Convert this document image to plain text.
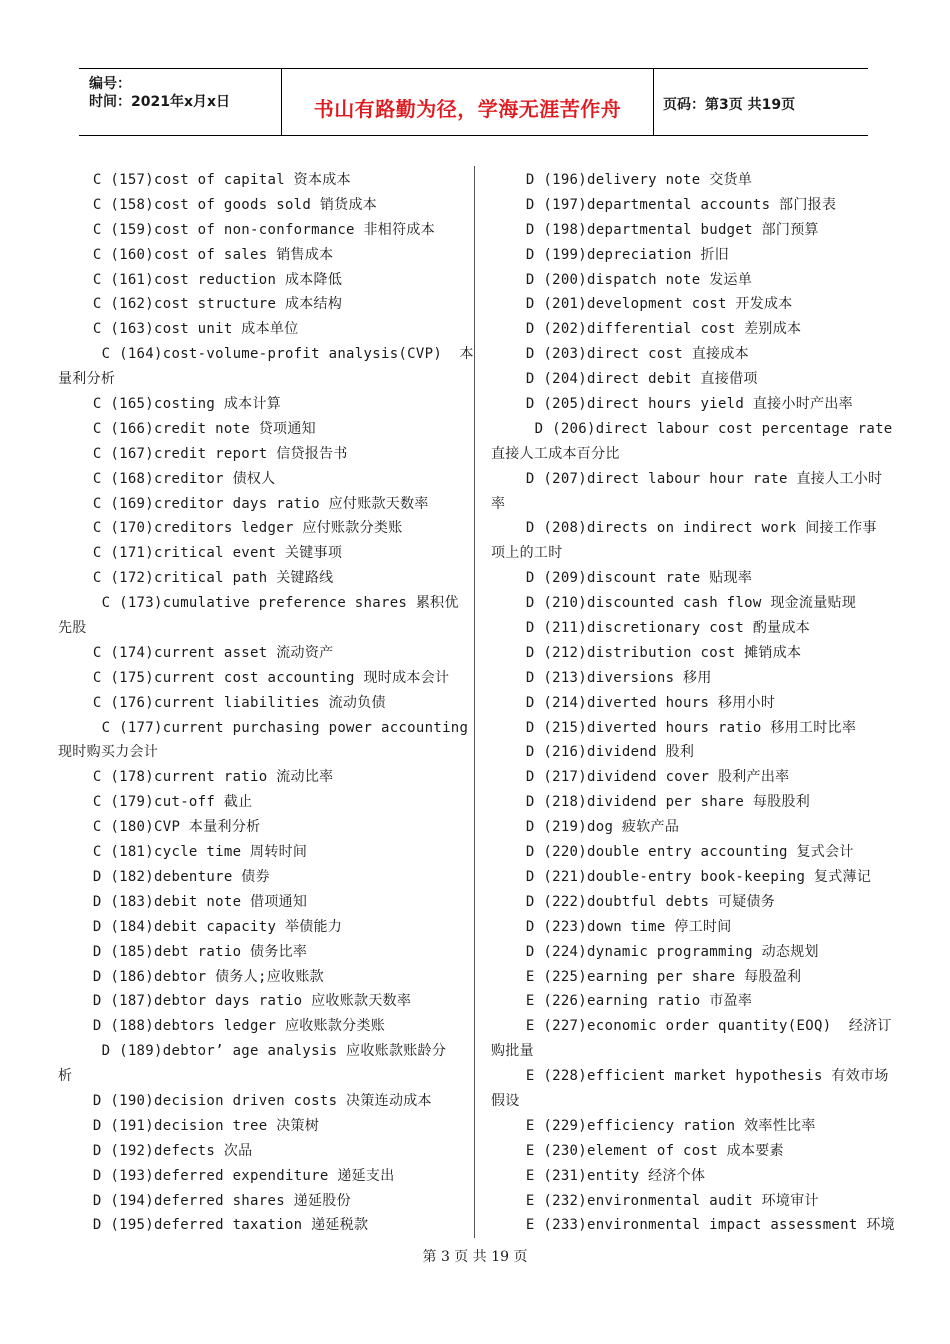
编号：
时间：2021年x月x日	书山有路勤为径，学海无涯苦作舟	页码：第3页 共19页
C (157)cost of capital 资本成本
C (158)cost of goods sold 销货成本
C (159)cost of non-conformance 非相符成本
C (160)cost of sales 销售成本
C (161)cost reduction 成本降低
C (162)cost structure 成本结构
C (163)cost unit 成本单位
C (164)cost-volume-profit analysis(CVP)  本
量利分析
C (165)costing 成本计算
C (166)credit note 贷项通知
C (167)credit report 信贷报告书
C (168)creditor 债权人
C (169)creditor days ratio 应付账款天数率
C (170)creditors ledger 应付账款分类账
C (171)critical event 关键事项
C (172)critical path 关键路线
C (173)cumulative preference shares 累积优
先股
C (174)current asset 流动资产
C (175)current cost accounting 现时成本会计
C (176)current liabilities 流动负债
C (177)current purchasing power accounting
现时购买力会计
C (178)current ratio 流动比率
C (179)cut-off 截止
C (180)CVP 本量利分析
C (181)cycle time 周转时间
D (182)debenture 债券
D (183)debit note 借项通知
D (184)debit capacity 举债能力
D (185)debt ratio 债务比率
D (186)debtor 债务人;应收账款
D (187)debtor days ratio 应收账款天数率
D (188)debtors ledger 应收账款分类账
D (189)debtor’ age analysis 应收账款账龄分
析
D (190)decision driven costs 决策连动成本
D (191)decision tree 决策树
D (192)defects 次品
D (193)deferred expenditure 递延支出
D (194)deferred shares 递延股份
D (195)deferred taxation 递延税款
D (196)delivery note 交货单
D (197)departmental accounts 部门报表
D (198)departmental budget 部门预算
D (199)depreciation 折旧
D (200)dispatch note 发运单
D (201)development cost 开发成本
D (202)differential cost 差别成本
D (203)direct cost 直接成本
D (204)direct debit 直接借项
D (205)direct hours yield 直接小时产出率
D (206)direct labour cost percentage rate
直接人工成本百分比
D (207)direct labour hour rate 直接人工小时
率
D (208)directs on indirect work 间接工作事
项上的工时
D (209)discount rate 贴现率
D (210)discounted cash flow 现金流量贴现
D (211)discretionary cost 酌量成本
D (212)distribution cost 摊销成本
D (213)diversions 移用
D (214)diverted hours 移用小时
D (215)diverted hours ratio 移用工时比率
D (216)dividend 股利
D (217)dividend cover 股利产出率
D (218)dividend per share 每股股利
D (219)dog 疲软产品
D (220)double entry accounting 复式会计
D (221)double-entry book-keeping 复式薄记
D (222)doubtful debts 可疑债务
D (223)down time 停工时间
D (224)dynamic programming 动态规划
E (225)earning per share 每股盈利
E (226)earning ratio 市盈率
E (227)economic order quantity(EOQ)  经济订
购批量
E (228)efficient market hypothesis 有效市场
假设
E (229)efficiency ration 效率性比率
E (230)element of cost 成本要素
E (231)entity 经济个体
E (232)environmental audit 环境审计
E (233)environmental impact assessment 环境
第 3 页 共 19 页
